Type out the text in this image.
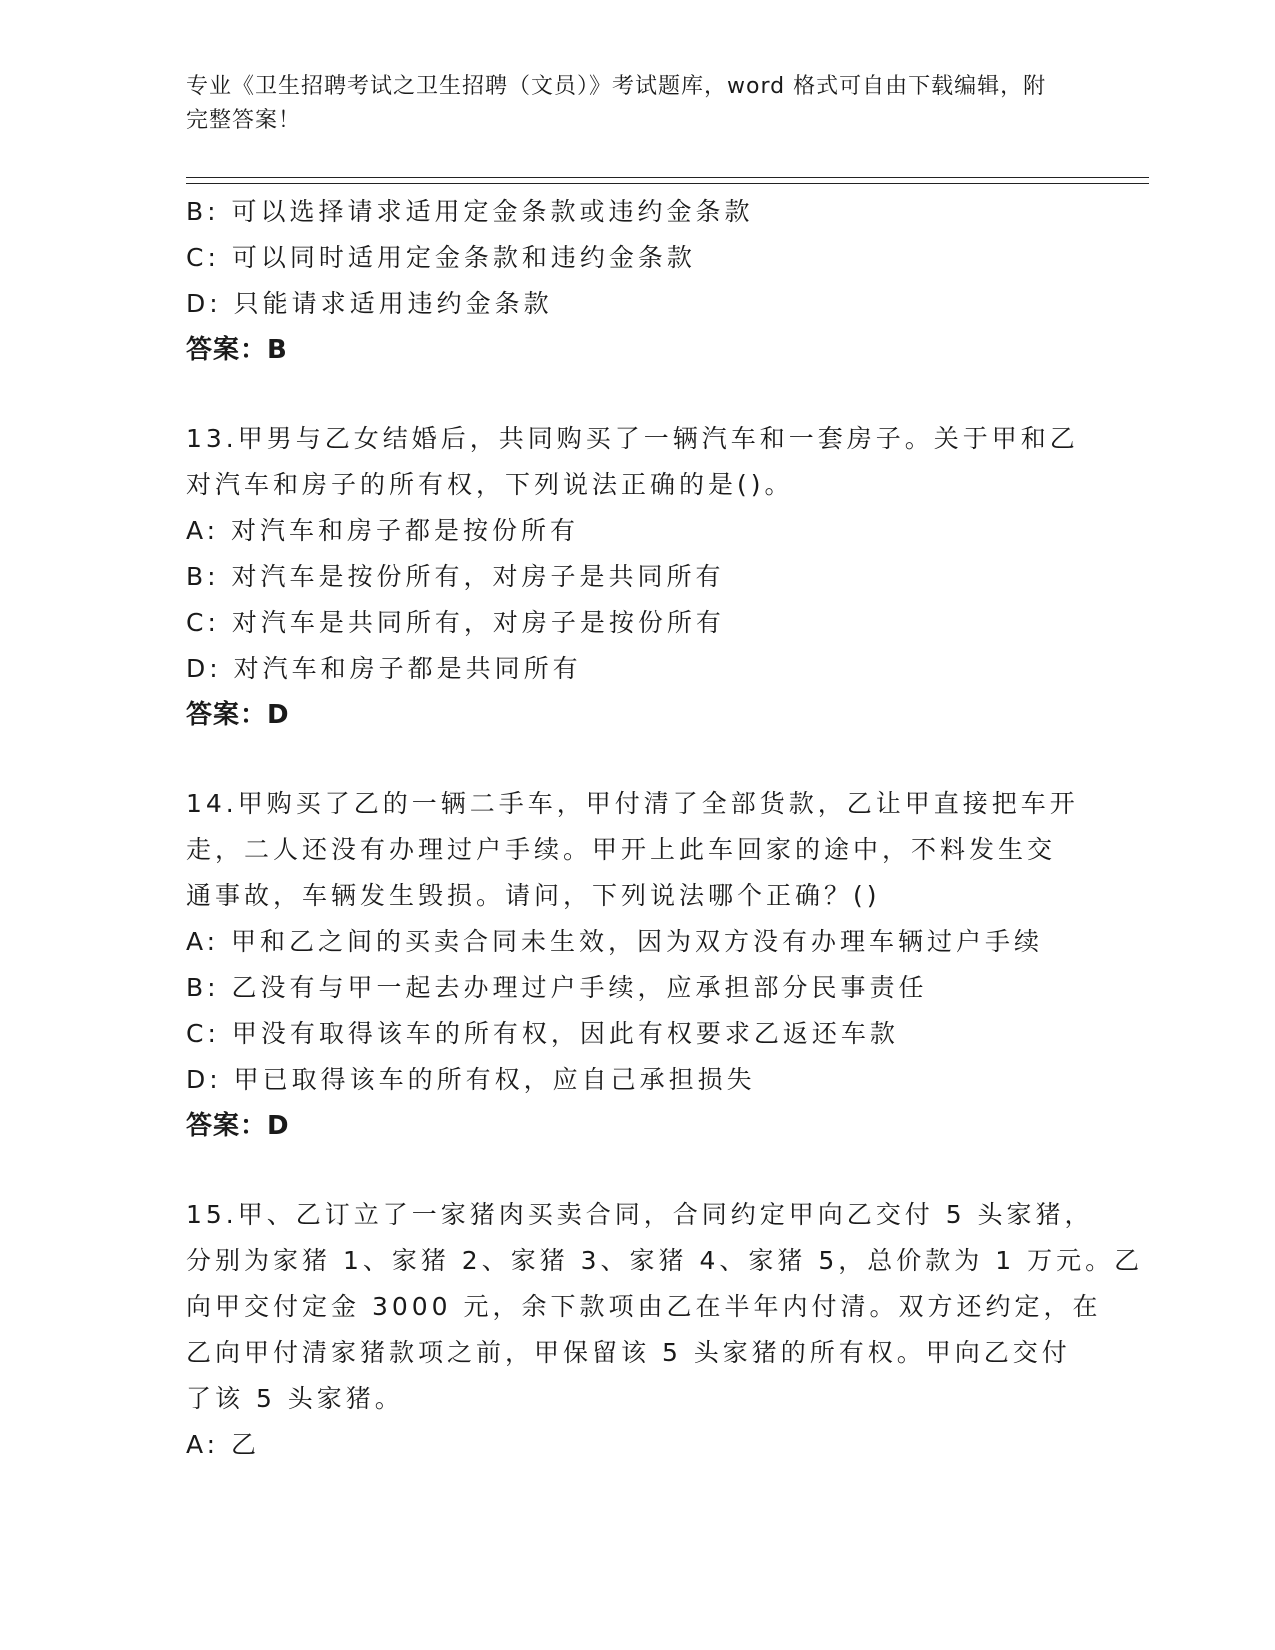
专业《卫生招聘考试之卫生招聘（文员）》考试题库，word 格式可自由下载编辑，附完整答案！
B: 可以选择请求适用定金条款或违约金条款
C: 可以同时适用定金条款和违约金条款
D: 只能请求适用违约金条款
答案：B
13.甲男与乙女结婚后，共同购买了一辆汽车和一套房子。关于甲和乙
对汽车和房子的所有权，下列说法正确的是()。
A: 对汽车和房子都是按份所有
B: 对汽车是按份所有，对房子是共同所有
C: 对汽车是共同所有，对房子是按份所有
D: 对汽车和房子都是共同所有
答案：D
14.甲购买了乙的一辆二手车，甲付清了全部货款，乙让甲直接把车开
走，二人还没有办理过户手续。甲开上此车回家的途中，不料发生交
通事故，车辆发生毁损。请问，下列说法哪个正确？()
A: 甲和乙之间的买卖合同未生效，因为双方没有办理车辆过户手续
B: 乙没有与甲一起去办理过户手续，应承担部分民事责任
C: 甲没有取得该车的所有权，因此有权要求乙返还车款
D: 甲已取得该车的所有权，应自己承担损失
答案：D
15.甲、乙订立了一家猪肉买卖合同，合同约定甲向乙交付 5 头家猪，
分别为家猪 1、家猪 2、家猪 3、家猪 4、家猪 5，总价款为 1 万元。乙
向甲交付定金 3000 元，余下款项由乙在半年内付清。双方还约定，在
乙向甲付清家猪款项之前，甲保留该 5 头家猪的所有权。甲向乙交付
了该 5 头家猪。
A: 乙
